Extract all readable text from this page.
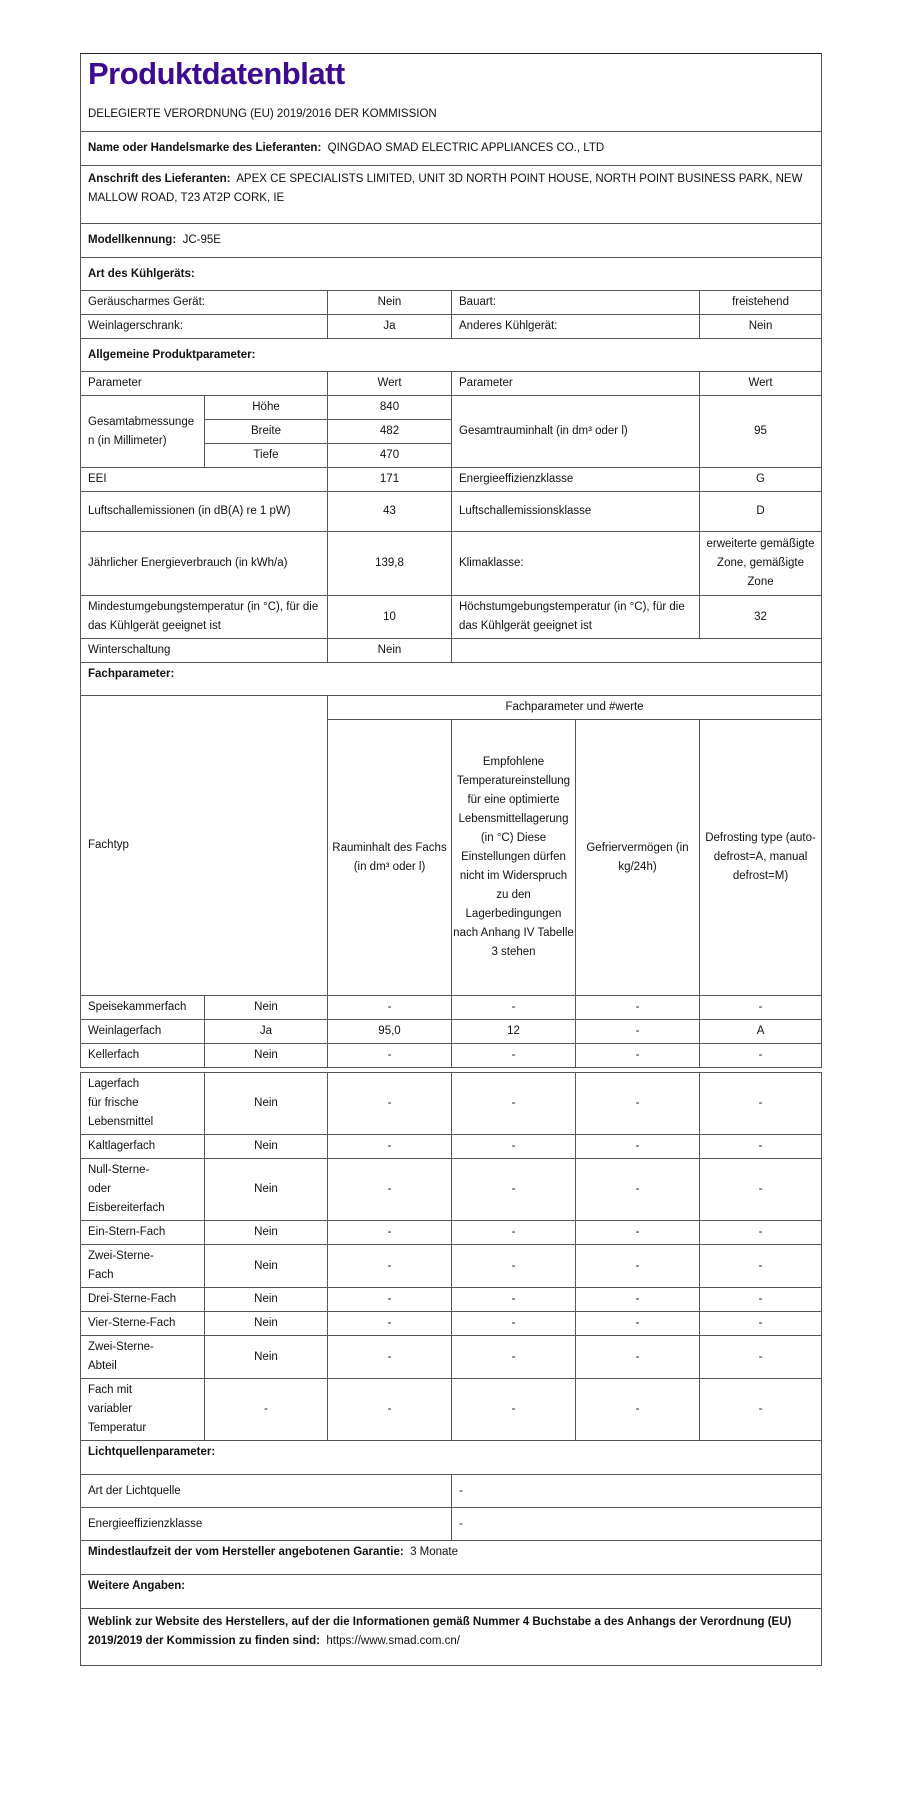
Produktdatenblatt					

DELEGIERTE VERORDNUNG (EU) 2019/2016 DER KOMMISSION					
Name oder Handelsmarke des Lieferanten: QINGDAO SMAD ELECTRIC APPLIANCES CO., LTD					
Anschrift des Lieferanten: APEX CE SPECIALISTS LIMITED, UNIT 3D NORTH POINT HOUSE, NORTH POINT BUSINESS PARK, NEW MALLOW ROAD, T23 AT2P CORK, IE					
Modellkennung: JC-95E					
Art des Kühlgeräts:					
Geräuscharmes Gerät:		Nein	Bauart:		freistehend
Weinlagerschrank:		Ja	Anderes Kühlgerät:		Nein
Allgemeine Produktparameter:					
Parameter		Wert	Parameter		Wert
Gesamtabmessungen (in Millimeter)	Höhe	840	Gesamtrauminhalt (in dm³ oder l)		95
	Breite	482			
	Tiefe	470			
EEI		171	Energieeffizienzklasse		G
Luftschallemissionen (in dB(A) re 1 pW)		43	Luftschallemissionsklasse		D
Jährlicher Energieverbrauch (in kWh/a)		139,8	Klimaklasse:		erweiterte gemäßigte Zone, gemäßigte Zone
Mindestumgebungstemperatur (in °C), für die das Kühlgerät geeignet ist		10	Höchstumgebungstemperatur (in °C), für die das Kühlgerät geeignet ist		32
Winterschaltung		Nein			
Fachparameter:					
Fachtyp		Fachparameter und #werte			
		Rauminhalt des Fachs (in dm³ oder l)	Empfohlene Temperatureinstellung für eine optimierte Lebensmittellagerung (in °C) Diese Einstellungen dürfen nicht im Widerspruch zu den Lagerbedingungen nach Anhang IV Tabelle 3 stehen	Gefriervermögen (in kg/24h)	Defrosting type (auto-defrost=A, manual defrost=M)
Speisekammerfach	Nein	-	-	-	-
Weinlagerfach	Ja	95,0	12	-	A
Kellerfach	Nein	-	-	-	-
Lagerfach für frische Lebensmittel	Nein	-	-	-	-
Kaltlagerfach	Nein	-	-	-	-
Null-Sterne- oder Eisbereiterfach	Nein	-	-	-	-
Ein-Stern-Fach	Nein	-	-	-	-
Zwei-Sterne-Fach	Nein	-	-	-	-
Drei-Sterne-Fach	Nein	-	-	-	-
Vier-Sterne-Fach	Nein	-	-	-	-
Zwei-Sterne-Abteil	Nein	-	-	-	-
Fach mit variabler Temperatur	-	-	-	-	-
Lichtquellenparameter:					
Art der Lichtquelle			-		
Energieeffizienzklasse			-		
Mindestlaufzeit der vom Hersteller angebotenen Garantie: 3 Monate					
Weitere Angaben:					
Weblink zur Website des Herstellers, auf der die Informationen gemäß Nummer 4 Buchstabe a des Anhangs der Verordnung (EU) 2019/2019 der Kommission zu finden sind: https://www.smad.com.cn/					
